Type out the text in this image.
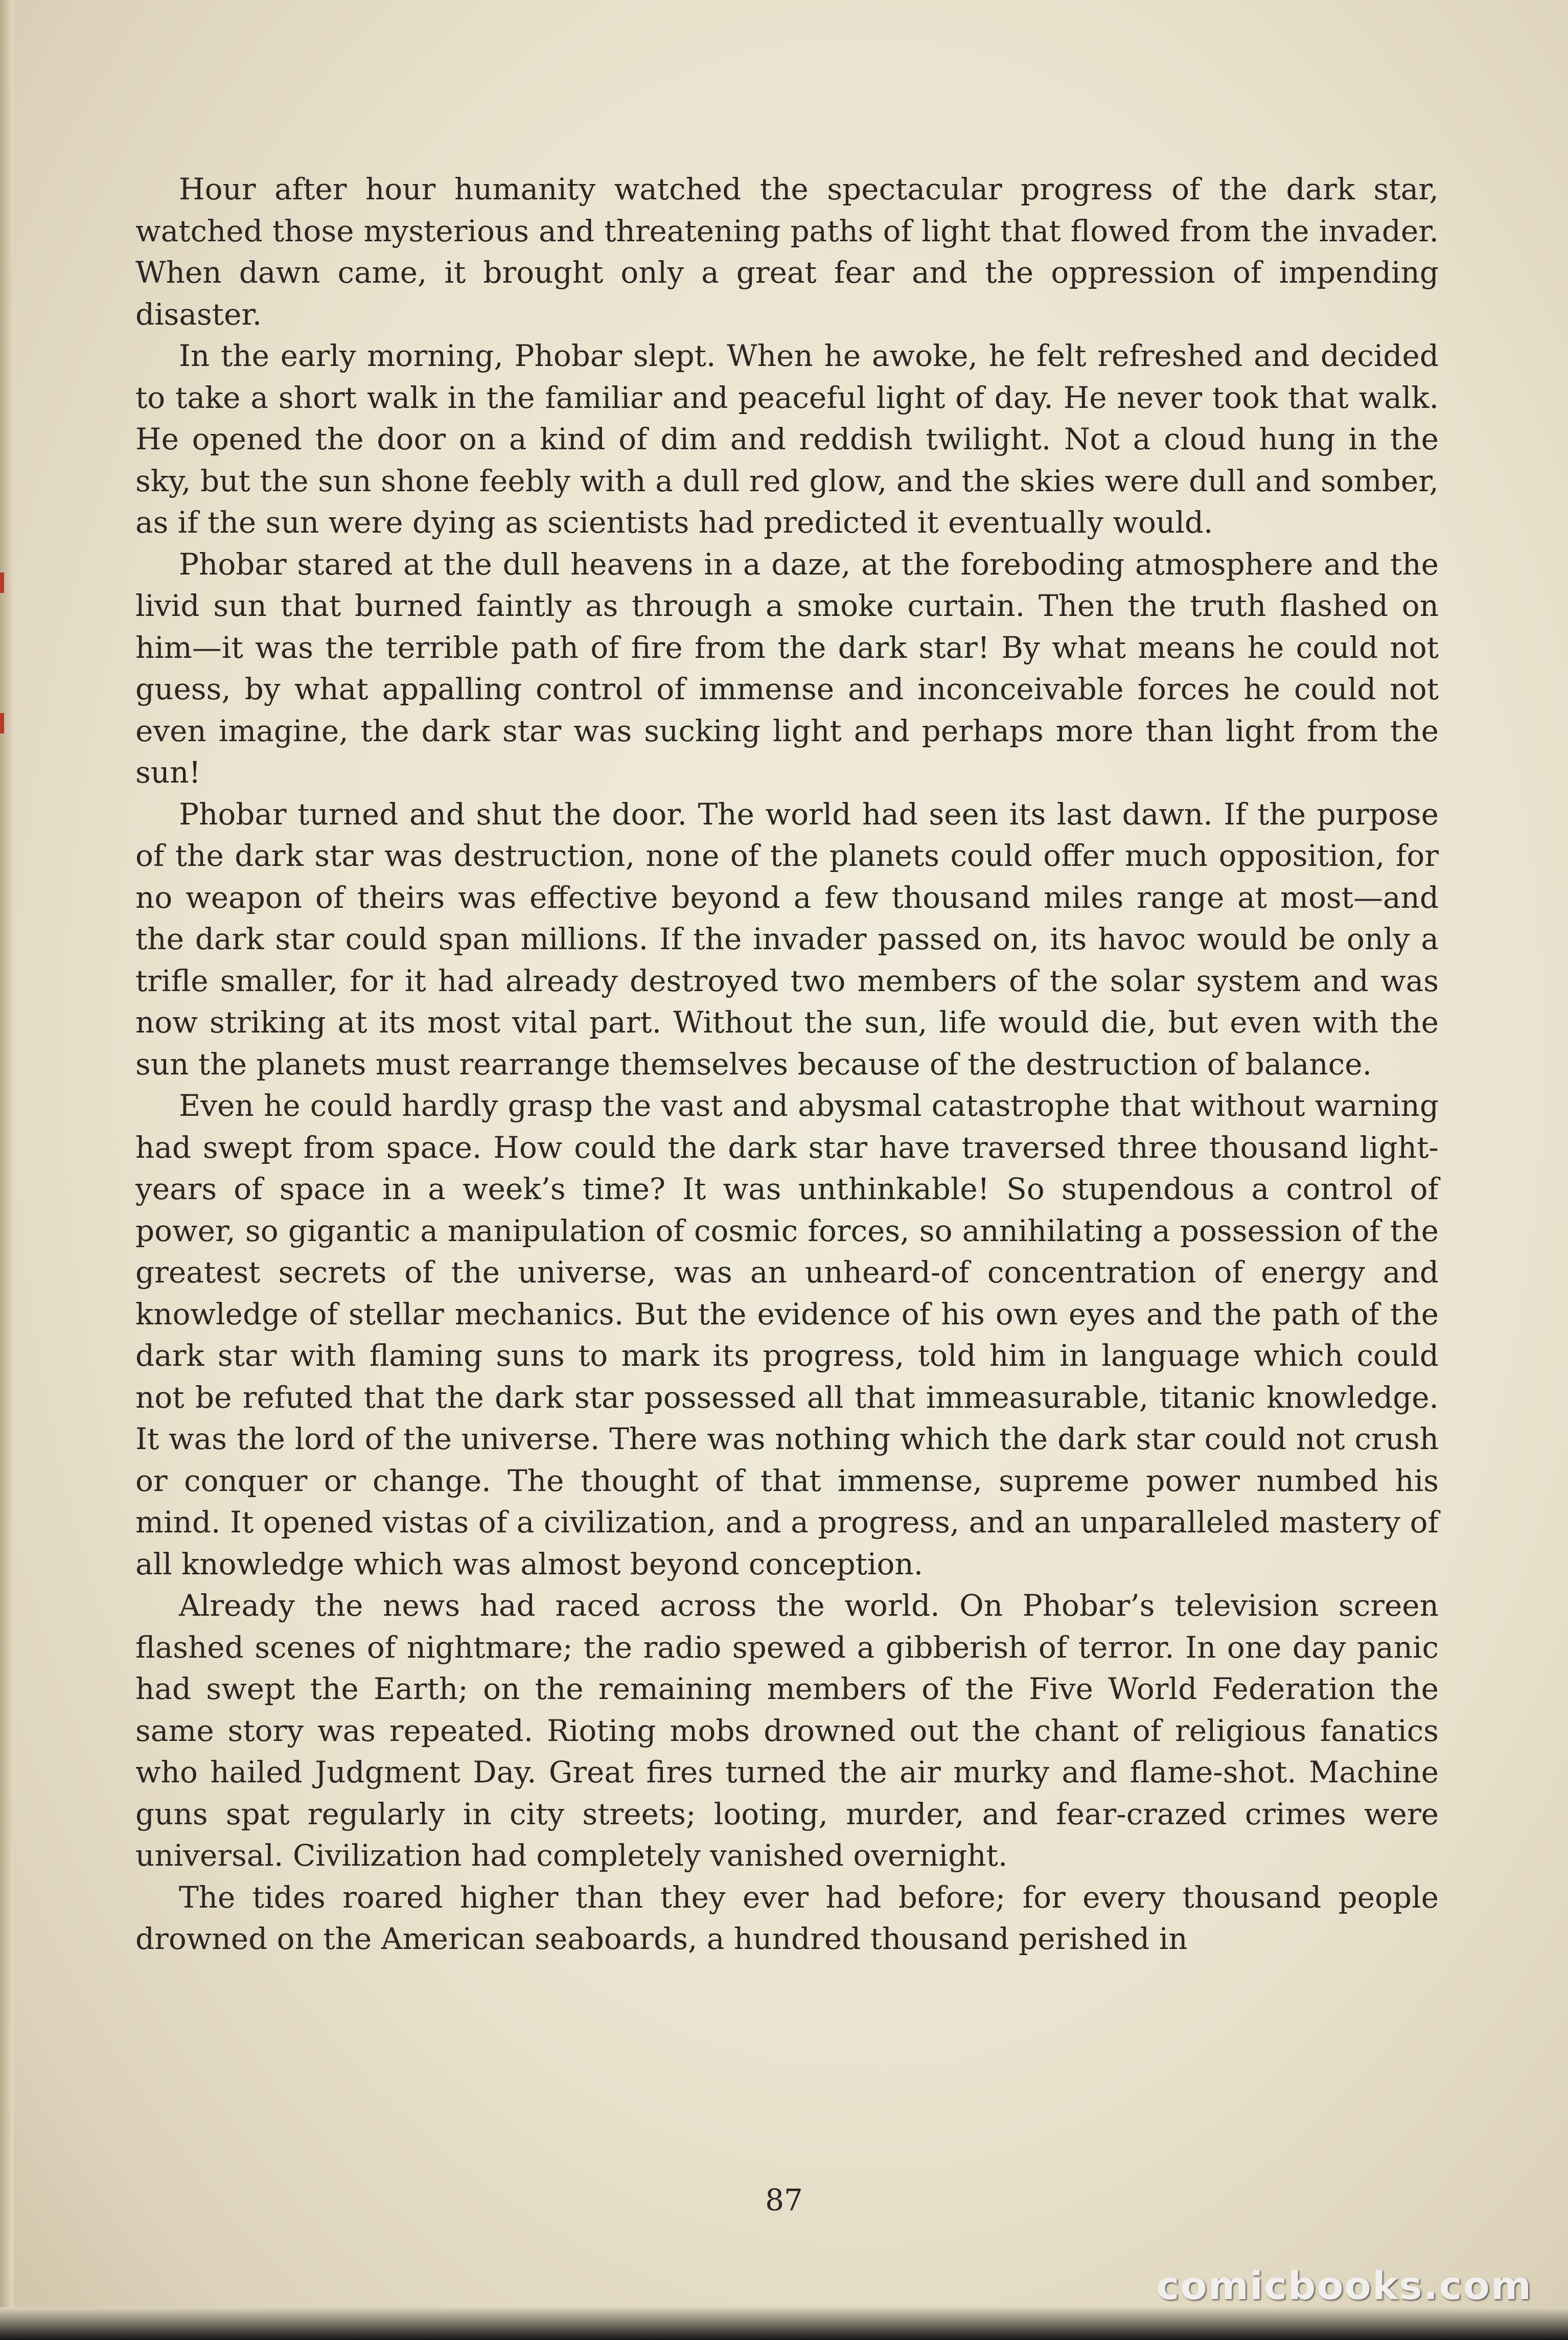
Hour after hour humanity watched the spectacular progress of the dark star, watched those mysterious and threatening paths of light that flowed from the invader. When dawn came, it brought only a great fear and the oppression of impending disaster.

In the early morning, Phobar slept. When he awoke, he felt refreshed and decided to take a short walk in the familiar and peaceful light of day. He never took that walk. He opened the door on a kind of dim and reddish twilight. Not a cloud hung in the sky, but the sun shone feebly with a dull red glow, and the skies were dull and somber, as if the sun were dying as scientists had predicted it eventually would.

Phobar stared at the dull heavens in a daze, at the foreboding atmosphere and the livid sun that burned faintly as through a smoke curtain. Then the truth flashed on him—it was the terrible path of fire from the dark star! By what means he could not guess, by what appalling control of immense and inconceivable forces he could not even imagine, the dark star was sucking light and perhaps more than light from the sun!

Phobar turned and shut the door. The world had seen its last dawn. If the purpose of the dark star was destruction, none of the planets could offer much opposition, for no weapon of theirs was effective beyond a few thousand miles range at most—and the dark star could span millions. If the invader passed on, its havoc would be only a trifle smaller, for it had already destroyed two members of the solar system and was now striking at its most vital part. Without the sun, life would die, but even with the sun the planets must rearrange themselves because of the destruction of balance.

Even he could hardly grasp the vast and abysmal catastrophe that without warning had swept from space. How could the dark star have traversed three thousand light-years of space in a week’s time? It was unthinkable! So stupendous a control of power, so gigantic a manipulation of cosmic forces, so annihilating a possession of the greatest secrets of the universe, was an unheard-of concentration of energy and knowledge of stellar mechanics. But the evidence of his own eyes and the path of the dark star with flaming suns to mark its progress, told him in language which could not be refuted that the dark star possessed all that immeasurable, titanic knowledge. It was the lord of the universe. There was nothing which the dark star could not crush or conquer or change. The thought of that immense, supreme power numbed his mind. It opened vistas of a civilization, and a progress, and an unparalleled mastery of all knowledge which was almost beyond conception.

Already the news had raced across the world. On Phobar’s television screen flashed scenes of nightmare; the radio spewed a gibberish of terror. In one day panic had swept the Earth; on the remaining members of the Five World Federation the same story was repeated. Rioting mobs drowned out the chant of religious fanatics who hailed Judgment Day. Great fires turned the air murky and flame-shot. Machine guns spat regularly in city streets; looting, murder, and fear-crazed crimes were universal. Civilization had completely vanished overnight.

The tides roared higher than they ever had before; for every thousand people drowned on the American seaboards, a hundred thousand perished in

87
comicbooks.com
